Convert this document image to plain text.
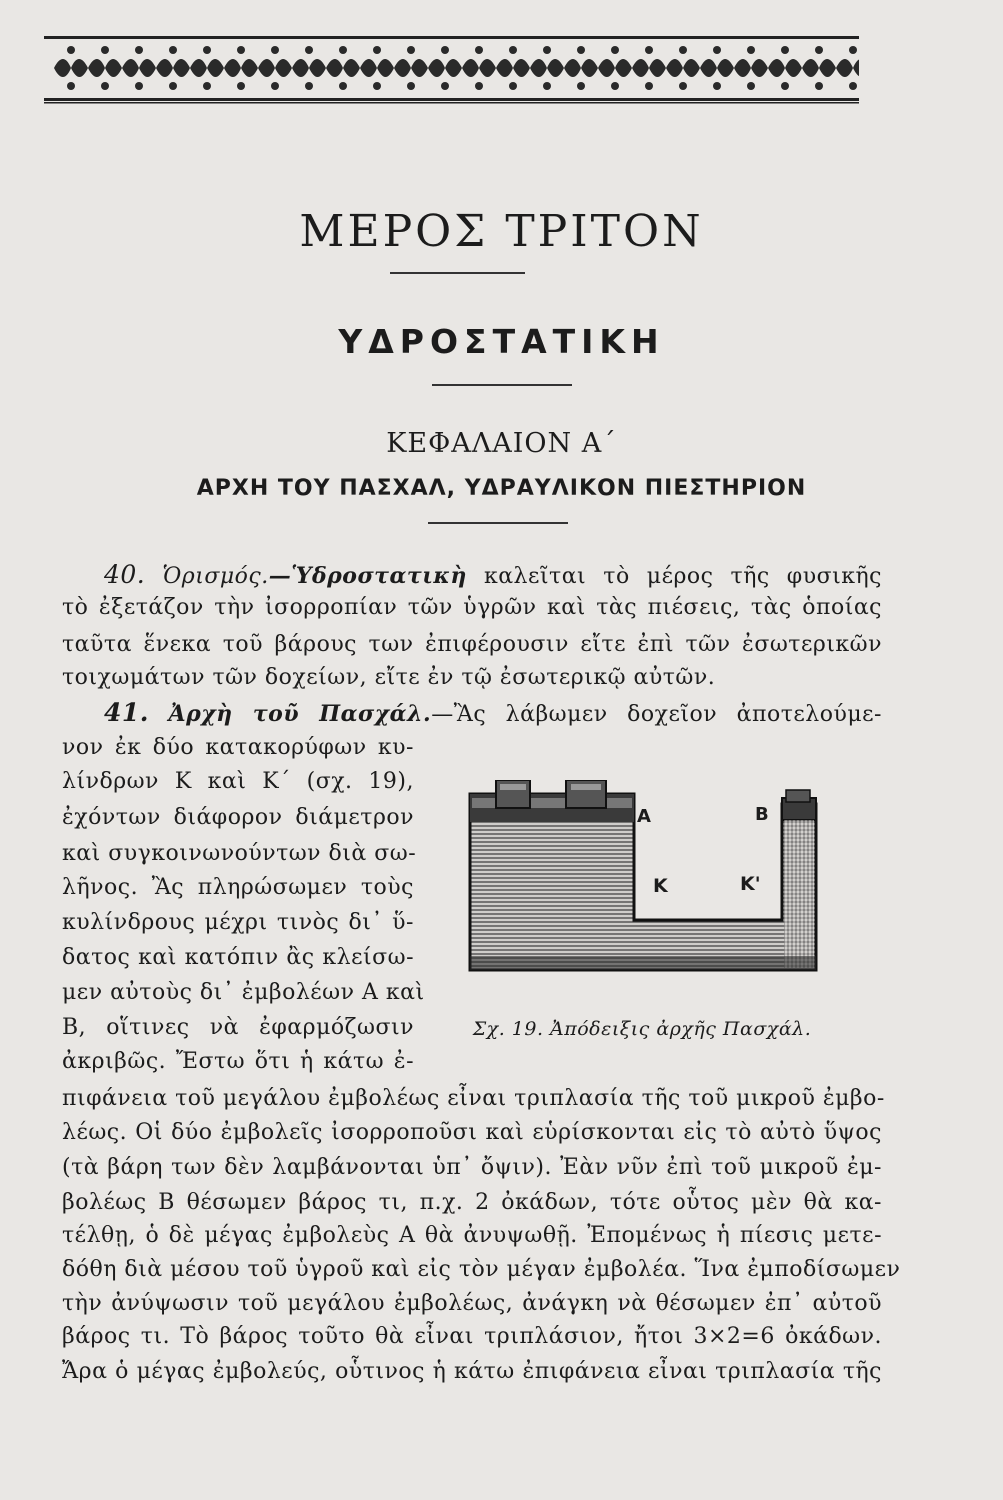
ΜΕΡΟΣ ΤΡΙΤΟΝ
ΥΔΡΟΣΤΑΤΙΚΗ
ΚΕΦΑΛΑΙΟΝ Α΄
ΑΡΧΗ ΤΟΥ ΠΑΣΧΑΛ, ΥΔΡΑΥΛΙΚΟΝ ΠΙΕΣΤΗΡΙΟΝ
40. Ὁρισμός.—Ὑδροστατικὴ καλεῖται τὸ μέρος τῆς φυσικῆς
τὸ ἐξετάζον τὴν ἰσορροπίαν τῶν ὑγρῶν καὶ τὰς πιέσεις, τὰς ὁποίας
ταῦτα ἕνεκα τοῦ βάρους των ἐπιφέρουσιν εἴτε ἐπὶ τῶν ἐσωτερικῶν
τοιχωμάτων τῶν δοχείων, εἴτε ἐν τῷ ἐσωτερικῷ αὐτῶν.
41. Ἀρχὴ τοῦ Πασχάλ.—Ἂς λάβωμεν δοχεῖον ἀποτελούμε-
νον ἐκ δύο κατακορύφων κυ-
λίνδρων Κ καὶ Κ΄ (σχ. 19),
ἐχόντων διάφορον διάμετρον
καὶ συγκοινωνούντων διὰ σω-
λῆνος. Ἂς πληρώσωμεν τοὺς
κυλίνδρους μέχρι τινὸς δι᾽ ὕ-
δατος καὶ κατόπιν ἂς κλείσω-
μεν αὐτοὺς δι᾽ ἐμβολέων Α καὶ
Β, οἵτινες νὰ ἐφαρμόζωσιν
ἀκριβῶς. Ἔστω ὅτι ἡ κάτω ἐ-
A	B
K	K'
Σχ. 19. Ἀπόδειξις ἀρχῆς Πασχάλ.
πιφάνεια τοῦ μεγάλου ἐμβολέως εἶναι τριπλασία τῆς τοῦ μικροῦ ἐμβο-
λέως. Οἱ δύο ἐμβολεῖς ἰσορροποῦσι καὶ εὑρίσκονται εἰς τὸ αὐτὸ ὕψος
(τὰ βάρη των δὲν λαμβάνονται ὑπ᾽ ὄψιν). Ἐὰν νῦν ἐπὶ τοῦ μικροῦ ἐμ-
βολέως Β θέσωμεν βάρος τι, π.χ. 2 ὀκάδων, τότε οὗτος μὲν θὰ κα-
τέλθῃ, ὁ δὲ μέγας ἐμβολεὺς Α θὰ ἀνυψωθῇ. Ἐπομένως ἡ πίεσις μετε-
δόθη διὰ μέσου τοῦ ὑγροῦ καὶ εἰς τὸν μέγαν ἐμβολέα. Ἵνα ἐμποδίσωμεν
τὴν ἀνύψωσιν τοῦ μεγάλου ἐμβολέως, ἀνάγκη νὰ θέσωμεν ἐπ᾽ αὐτοῦ
βάρος τι. Τὸ βάρος τοῦτο θὰ εἶναι τριπλάσιον, ἤτοι 3×2=6 ὀκάδων.
Ἄρα ὁ μέγας ἐμβολεύς, οὗτινος ἡ κάτω ἐπιφάνεια εἶναι τριπλασία τῆς
